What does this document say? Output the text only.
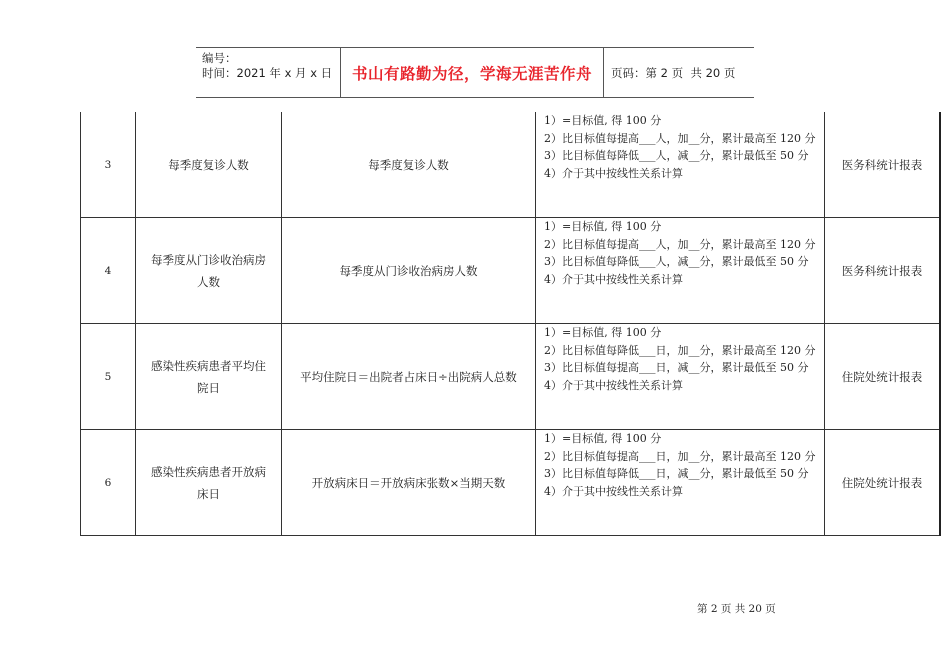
编号：
时间：2021 年 x 月 x 日	书山有路勤为径，学海无涯苦作舟	页码：第 2 页  共 20 页
3	每季度复诊人数	每季度复诊人数	1）=目标值, 得 100 分
2）比目标值每提高___人，加__分，累计最高至 120 分
3）比目标值每降低___人，减__分，累计最低至 50 分
4）介于其中按线性关系计算	医务科统计报表
4	每季度从门诊收治病房人数	每季度从门诊收治病房人数	1）=目标值, 得 100 分
2）比目标值每提高___人，加__分，累计最高至 120 分
3）比目标值每降低___人，减__分，累计最低至 50 分
4）介于其中按线性关系计算	医务科统计报表
5	感染性疾病患者平均住院日	平均住院日＝出院者占床日÷出院病人总数	1）=目标值, 得 100 分
2）比目标值每降低___日，加__分，累计最高至 120 分
3）比目标值每提高___日，减__分，累计最低至 50 分
4）介于其中按线性关系计算	住院处统计报表
6	感染性疾病患者开放病床日	开放病床日＝开放病床张数×当期天数	1）=目标值, 得 100 分
2）比目标值每提高___日，加__分，累计最高至 120 分
3）比目标值每降低___日，减__分，累计最低至 50 分
4）介于其中按线性关系计算	住院处统计报表
第 2 页 共 20 页
